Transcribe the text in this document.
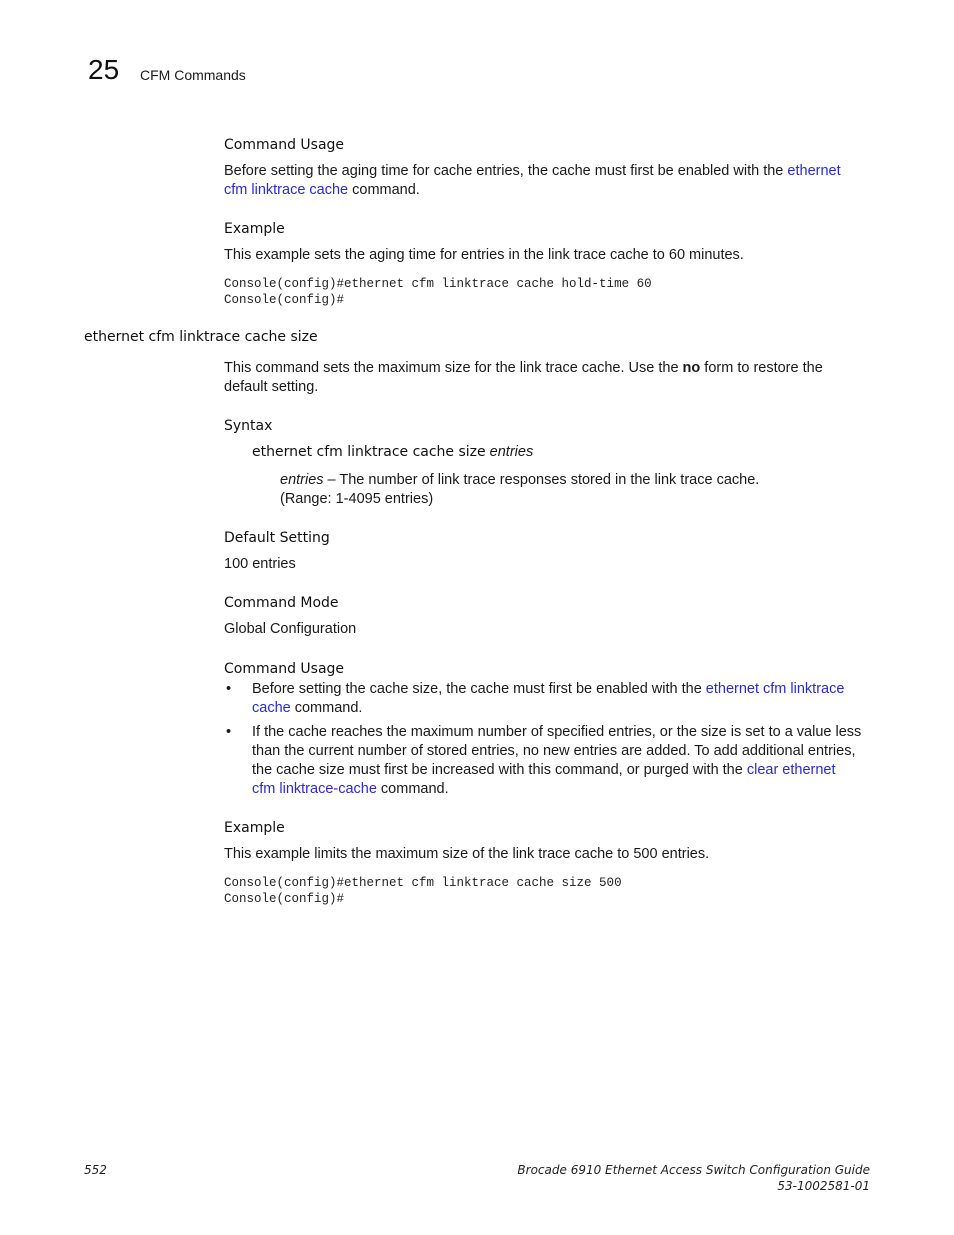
25 CFM Commands
Command Usage
Before setting the aging time for cache entries, the cache must first be enabled with the ethernet
cfm linktrace cache command.
Example
This example sets the aging time for entries in the link trace cache to 60 minutes.
Console(config)#ethernet cfm linktrace cache hold-time 60
Console(config)#
ethernet cfm linktrace cache size
This command sets the maximum size for the link trace cache. Use the no form to restore the
default setting.
Syntax
ethernet cfm linktrace cache size entries
entries – The number of link trace responses stored in the link trace cache.
(Range: 1-4095 entries)
Default Setting
100 entries
Command Mode
Global Configuration
Command Usage
• Before setting the cache size, the cache must first be enabled with the ethernet cfm linktrace
cache command.
• If the cache reaches the maximum number of specified entries, or the size is set to a value less
than the current number of stored entries, no new entries are added. To add additional entries,
the cache size must first be increased with this command, or purged with the clear ethernet
cfm linktrace-cache command.
Example
This example limits the maximum size of the link trace cache to 500 entries.
Console(config)#ethernet cfm linktrace cache size 500
Console(config)#
552	Brocade 6910 Ethernet Access Switch Configuration Guide
53-1002581-01
